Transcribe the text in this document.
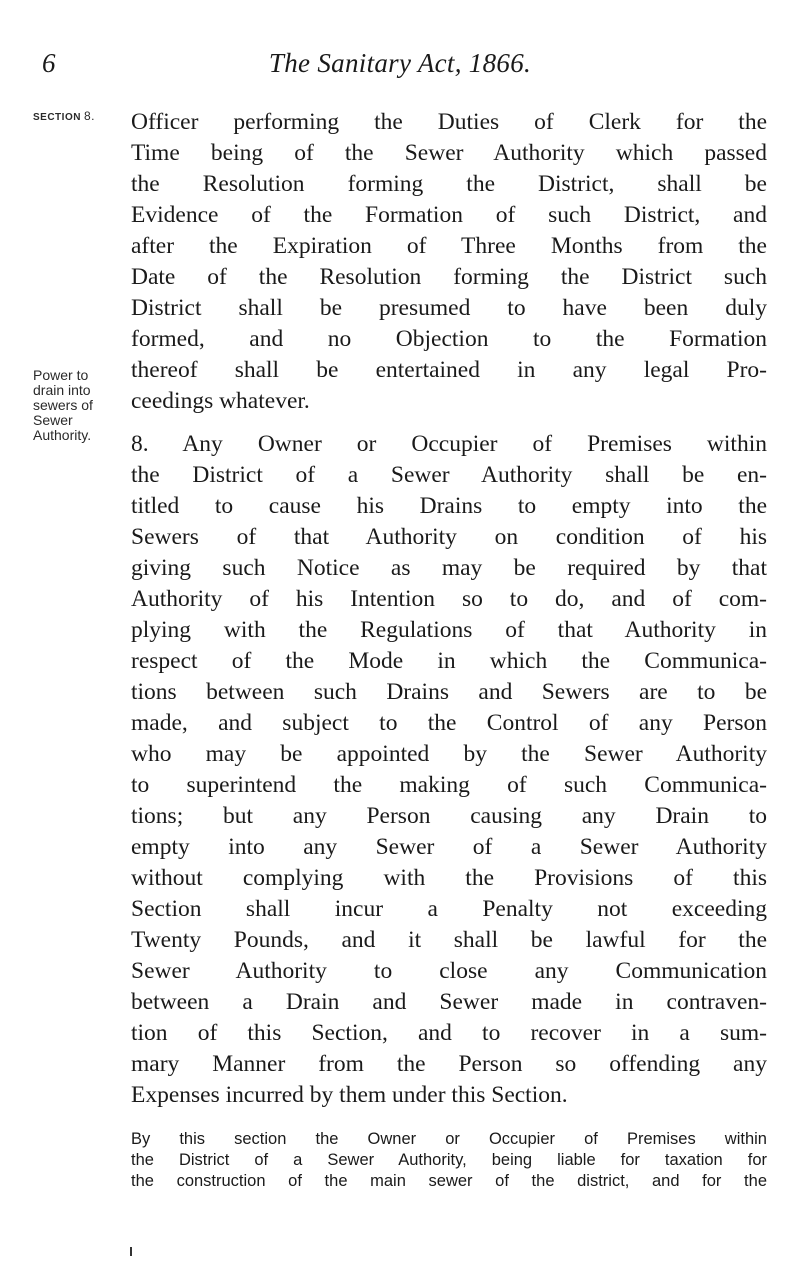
6	The Sanitary Act, 1866.
SECTION 8.
Power to
drain into
sewers of
Sewer
Authority.
Officer performing the Duties of Clerk for the
Time being of the Sewer Authority which passed
the Resolution forming the District, shall be
Evidence of the Formation of such District, and
after the Expiration of Three Months from the
Date of the Resolution forming the District such
District shall be presumed to have been duly
formed, and no Objection to the Formation
thereof shall be entertained in any legal Pro-
ceedings whatever.
8. Any Owner or Occupier of Premises within
the District of a Sewer Authority shall be en-
titled to cause his Drains to empty into the
Sewers of that Authority on condition of his
giving such Notice as may be required by that
Authority of his Intention so to do, and of com-
plying with the Regulations of that Authority in
respect of the Mode in which the Communica-
tions between such Drains and Sewers are to be
made, and subject to the Control of any Person
who may be appointed by the Sewer Authority
to superintend the making of such Communica-
tions; but any Person causing any Drain to
empty into any Sewer of a Sewer Authority
without complying with the Provisions of this
Section shall incur a Penalty not exceeding
Twenty Pounds, and it shall be lawful for the
Sewer Authority to close any Communication
between a Drain and Sewer made in contraven-
tion of this Section, and to recover in a sum-
mary Manner from the Person so offending any
Expenses incurred by them under this Section.
By this section the Owner or Occupier of Premises within
the District of a Sewer Authority, being liable for taxation for
the construction of the main sewer of the district, and for the
